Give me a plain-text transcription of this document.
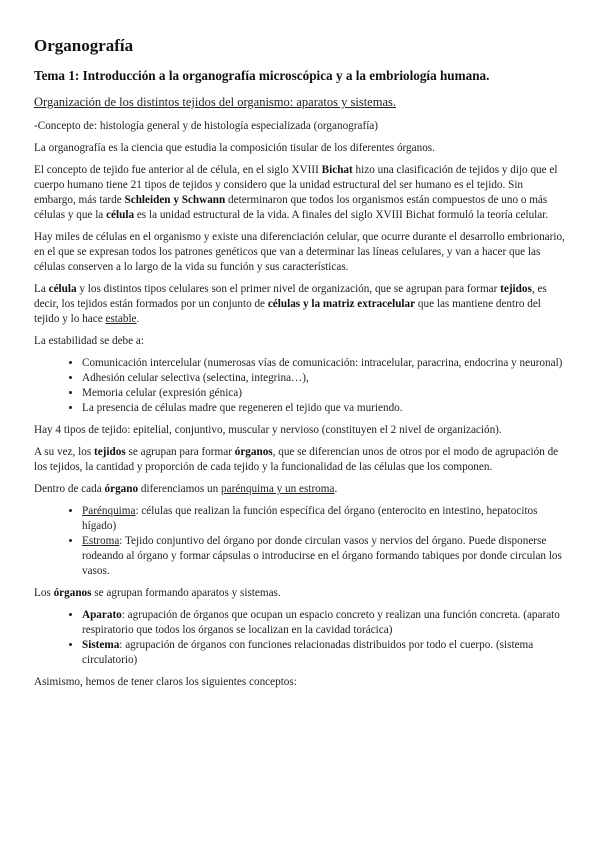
Organografía
Tema 1: Introducción a la organografía microscópica y a la embriología humana.
Organización de los distintos tejidos del organismo: aparatos y sistemas.

-Concepto de: histología general y de histología especializada (organografía)

La organografía es la ciencia que estudia la composición tisular de los diferentes órganos.

El concepto de tejido fue anterior al de célula, en el siglo XVIII Bichat hizo una clasificación de tejidos y dijo que el cuerpo humano tiene 21 tipos de tejidos y considero que la unidad estructural del ser humano es el tejido. Sin embargo, más tarde Schleiden y Schwann determinaron que todos los organismos están compuestos de uno o más células y que la célula es la unidad estructural de la vida. A finales del siglo XVIII Bichat formuló la teoría celular.

Hay miles de células en el organismo y existe una diferenciación celular, que ocurre durante el desarrollo embrionario, en el que se expresan todos los patrones genéticos que van a determinar las líneas celulares, y van a hacer que las células conserven a lo largo de la vida su función y sus características.

La célula y los distintos tipos celulares son el primer nivel de organización, que se agrupan para formar tejidos, es decir, los tejidos están formados por un conjunto de células y la matriz extracelular que las mantiene dentro del tejido y lo hace estable.

La estabilidad se debe a:

• Comunicación intercelular (numerosas vías de comunicación: intracelular, paracrina, endocrina y neuronal)
• Adhesión celular selectiva (selectina, integrina…),
• Memoria celular (expresión génica)
• La presencia de células madre que regeneren el tejido que va muriendo.

Hay 4 tipos de tejido: epitelial, conjuntivo, muscular y nervioso (constituyen el 2 nivel de organización).

A su vez, los tejidos se agrupan para formar órganos, que se diferencian unos de otros por el modo de agrupación de los tejidos, la cantidad y proporción de cada tejido y la funcionalidad de las células que los componen.

Dentro de cada órgano diferenciamos un parénquima y un estroma.

• Parénquima: células que realizan la función específica del órgano (enterocito en intestino, hepatocitos hígado)
• Estroma: Tejido conjuntivo del órgano por donde circulan vasos y nervios del órgano. Puede disponerse rodeando al órgano y formar cápsulas o introducirse en el órgano formando tabiques por donde circulan los vasos.

Los órganos se agrupan formando aparatos y sistemas.

• Aparato: agrupación de órganos que ocupan un espacio concreto y realizan una función concreta. (aparato respiratorio que todos los órganos se localizan en la cavidad torácica)
• Sistema: agrupación de órganos con funciones relacionadas distribuidos por todo el cuerpo. (sistema circulatorio)

Asimismo, hemos de tener claros los siguientes conceptos:
